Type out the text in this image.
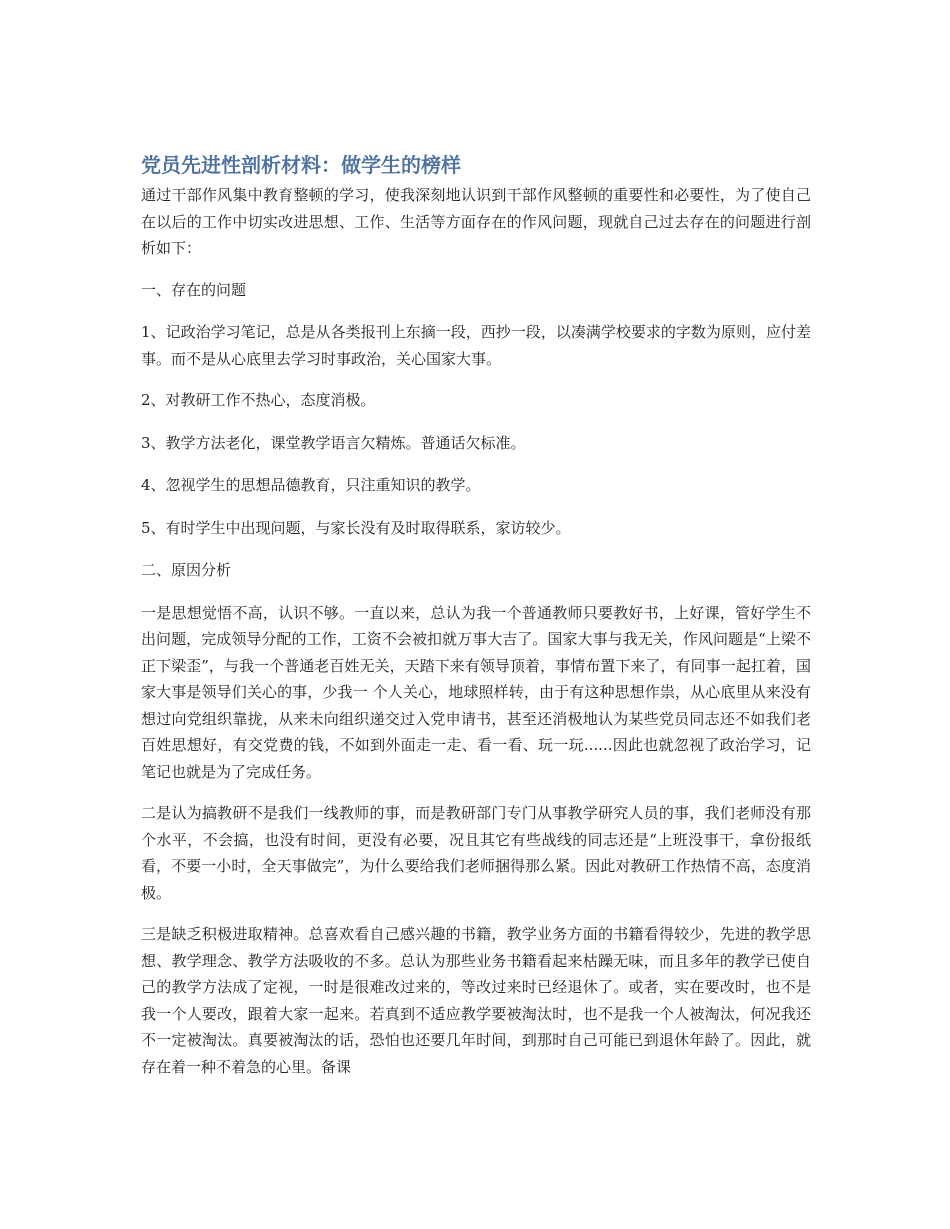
党员先进性剖析材料：做学生的榜样

通过干部作风集中教育整顿的学习，使我深刻地认识到干部作风整顿的重要性和必要性，为了使自己在以后的工作中切实改进思想、工作、生活等方面存在的作风问题，现就自己过去存在的问题进行剖析如下：

一、存在的问题

1、记政治学习笔记，总是从各类报刊上东摘一段，西抄一段，以凑满学校要求的字数为原则，应付差事。而不是从心底里去学习时事政治，关心国家大事。

2、对教研工作不热心，态度消极。

3、教学方法老化，课堂教学语言欠精炼。普通话欠标准。

4、忽视学生的思想品德教育，只注重知识的教学。

5、有时学生中出现问题，与家长没有及时取得联系，家访较少。

二、原因分析

一是思想觉悟不高，认识不够。一直以来，总认为我一个普通教师只要教好书，上好课，管好学生不出问题，完成领导分配的工作，工资不会被扣就万事大吉了。国家大事与我无关，作风问题是“上梁不正下梁歪”，与我一个普通老百姓无关，天踏下来有领导顶着，事情布置下来了，有同事一起扛着，国家大事是领导们关心的事，少我一 个人关心，地球照样转，由于有这种思想作祟，从心底里从来没有想过向党组织靠拢，从来未向组织递交过入党申请书，甚至还消极地认为某些党员同志还不如我们老百姓思想好，有交党费的钱，不如到外面走一走、看一看、玩一玩......因此也就忽视了政治学习，记笔记也就是为了完成任务。

二是认为搞教研不是我们一线教师的事，而是教研部门专门从事教学研究人员的事，我们老师没有那个水平，不会搞，也没有时间，更没有必要，况且其它有些战线的同志还是“上班没事干，拿份报纸看，不要一小时，全天事做完”，为什么要给我们老师捆得那么紧。因此对教研工作热情不高，态度消极。

三是缺乏积极进取精神。总喜欢看自己感兴趣的书籍，教学业务方面的书籍看得较少，先进的教学思想、教学理念、教学方法吸收的不多。总认为那些业务书籍看起来枯躁无味，而且多年的教学已使自己的教学方法成了定视，一时是很难改过来的，等改过来时已经退休了。或者，实在要改时，也不是我一个人要改，跟着大家一起来。若真到不适应教学要被淘汰时，也不是我一个人被淘汰，何况我还不一定被淘汰。真要被淘汰的话，恐怕也还要几年时间，到那时自己可能已到退休年龄了。因此，就存在着一种不着急的心里。备课
